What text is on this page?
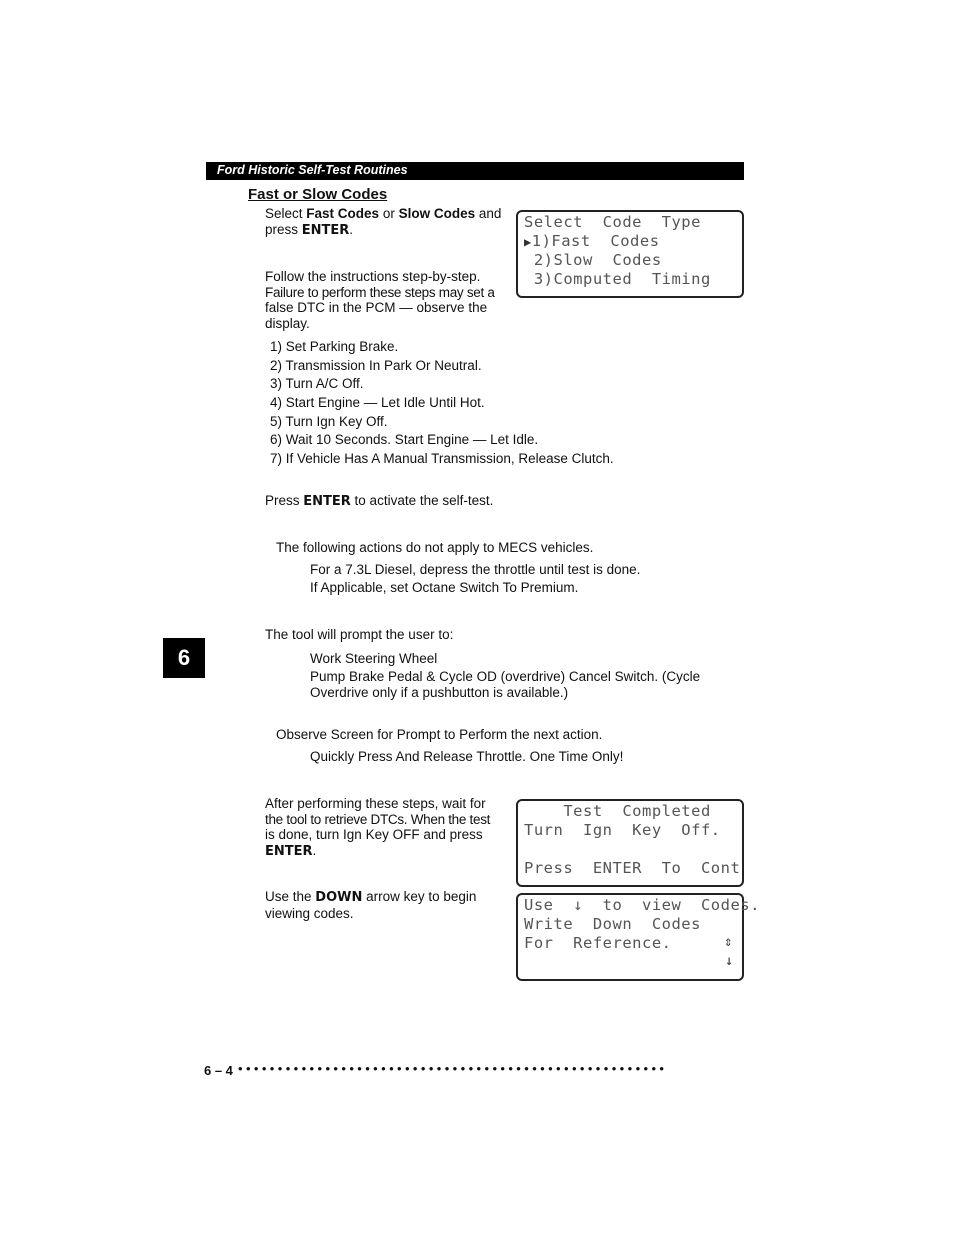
Ford Historic Self-Test Routines
Fast or Slow Codes
Select Fast Codes or Slow Codes and
press ENTER.	Select  Code  Type
▶1)Fast  Codes
2)Slow  Codes
3)Computed  Timing
Follow the instructions step-by-step.
Failure to perform these steps may set a
false DTC in the PCM — observe the
display.
1) Set Parking Brake.
2) Transmission In Park Or Neutral.
3) Turn A/C Off.
4) Start Engine — Let Idle Until Hot.
5) Turn Ign Key Off.
6) Wait 10 Seconds. Start Engine — Let Idle.
7) If Vehicle Has A Manual Transmission, Release Clutch.
Press ENTER to activate the self-test.
The following actions do not apply to MECS vehicles.
For a 7.3L Diesel, depress the throttle until test is done.
If Applicable, set Octane Switch To Premium.
The tool will prompt the user to:
Work Steering Wheel
Pump Brake Pedal & Cycle OD (overdrive) Cancel Switch. (Cycle
Overdrive only if a pushbutton is available.)
6
Observe Screen for Prompt to Perform the next action.
Quickly Press And Release Throttle. One Time Only!
After performing these steps, wait for
the tool to retrieve DTCs. When the test
is done, turn Ign Key OFF and press
ENTER.
Test  Completed
Turn  Ign  Key  Off.
Press  ENTER  To  Cont
Use the DOWN arrow key to begin
viewing codes.	Use  ↓  to  view  Codes.
Write  Down  Codes
For  Reference.	⇕
↓
6 – 4 ••••••••••••••••••••••••••••••••••••••••••••••••••••••
